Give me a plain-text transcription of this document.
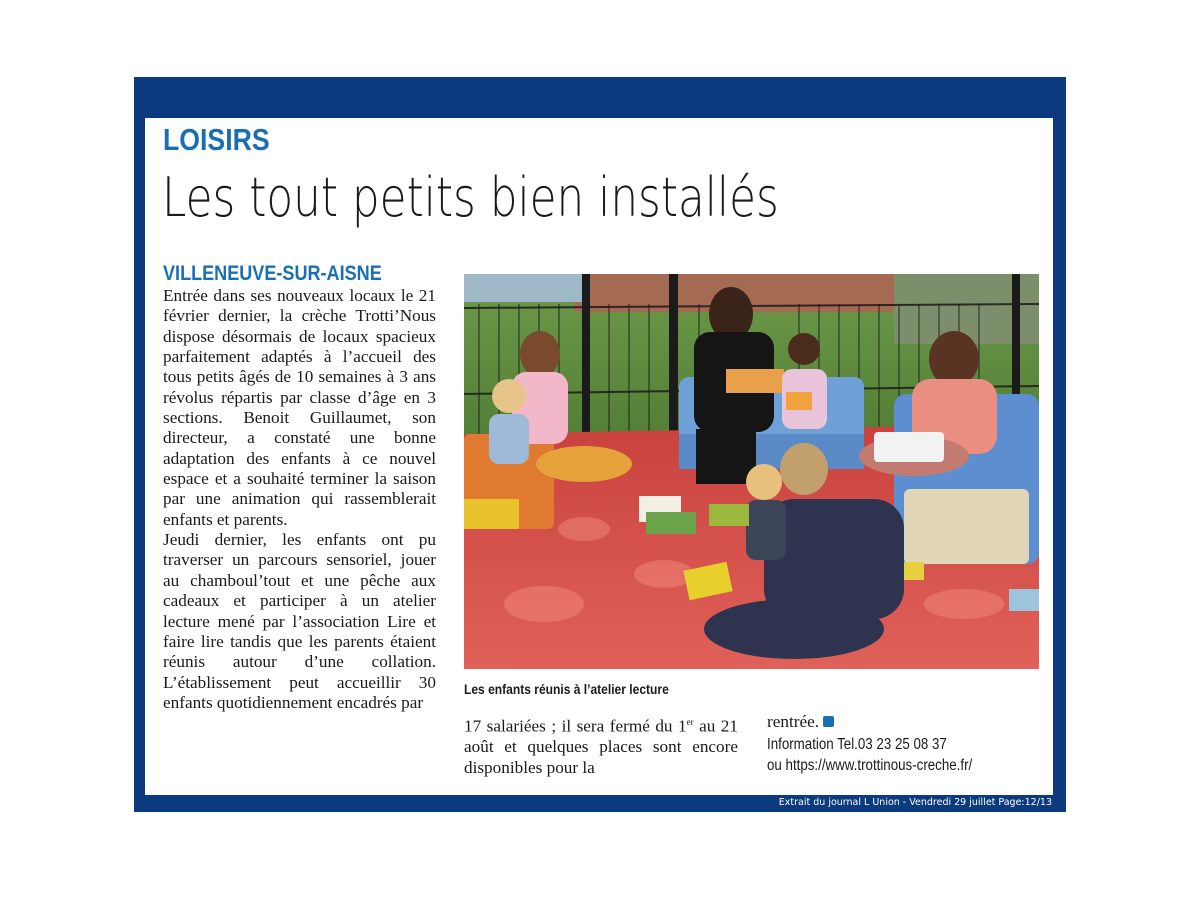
LOISIRS
Les tout petits bien installés
VILLENEUVE-SUR-AISNE

Entrée dans ses nouveaux locaux le 21 février dernier, la crèche Trotti’Nous dispose désormais de locaux spacieux parfaitement adaptés à l’accueil des tous petits âgés de 10 semaines à 3 ans révolus répartis par classe d’âge en 3 sections. Benoit Guillaumet, son directeur, a constaté une bonne adaptation des enfants à ce nouvel espace et a souhaité terminer la saison par une animation qui rassemblerait enfants et parents.

Jeudi dernier, les enfants ont pu traverser un parcours sensoriel, jouer au chamboul’tout et une pêche aux cadeaux et participer à un atelier lecture mené par l’association Lire et faire lire tandis que les parents étaient réunis autour d’une collation. L’établissement peut accueillir 30 enfants quotidiennement encadrés par

Les enfants réunis à l’atelier lecture
17 salariées ; il sera fermé du 1er au 21 août et quelques places sont encore disponibles pour la
rentrée.
Information Tel.03 23 25 08 37
ou https://www.trottinous-creche.fr/
Extrait du journal L Union - Vendredi 29 juillet Page:12/13
